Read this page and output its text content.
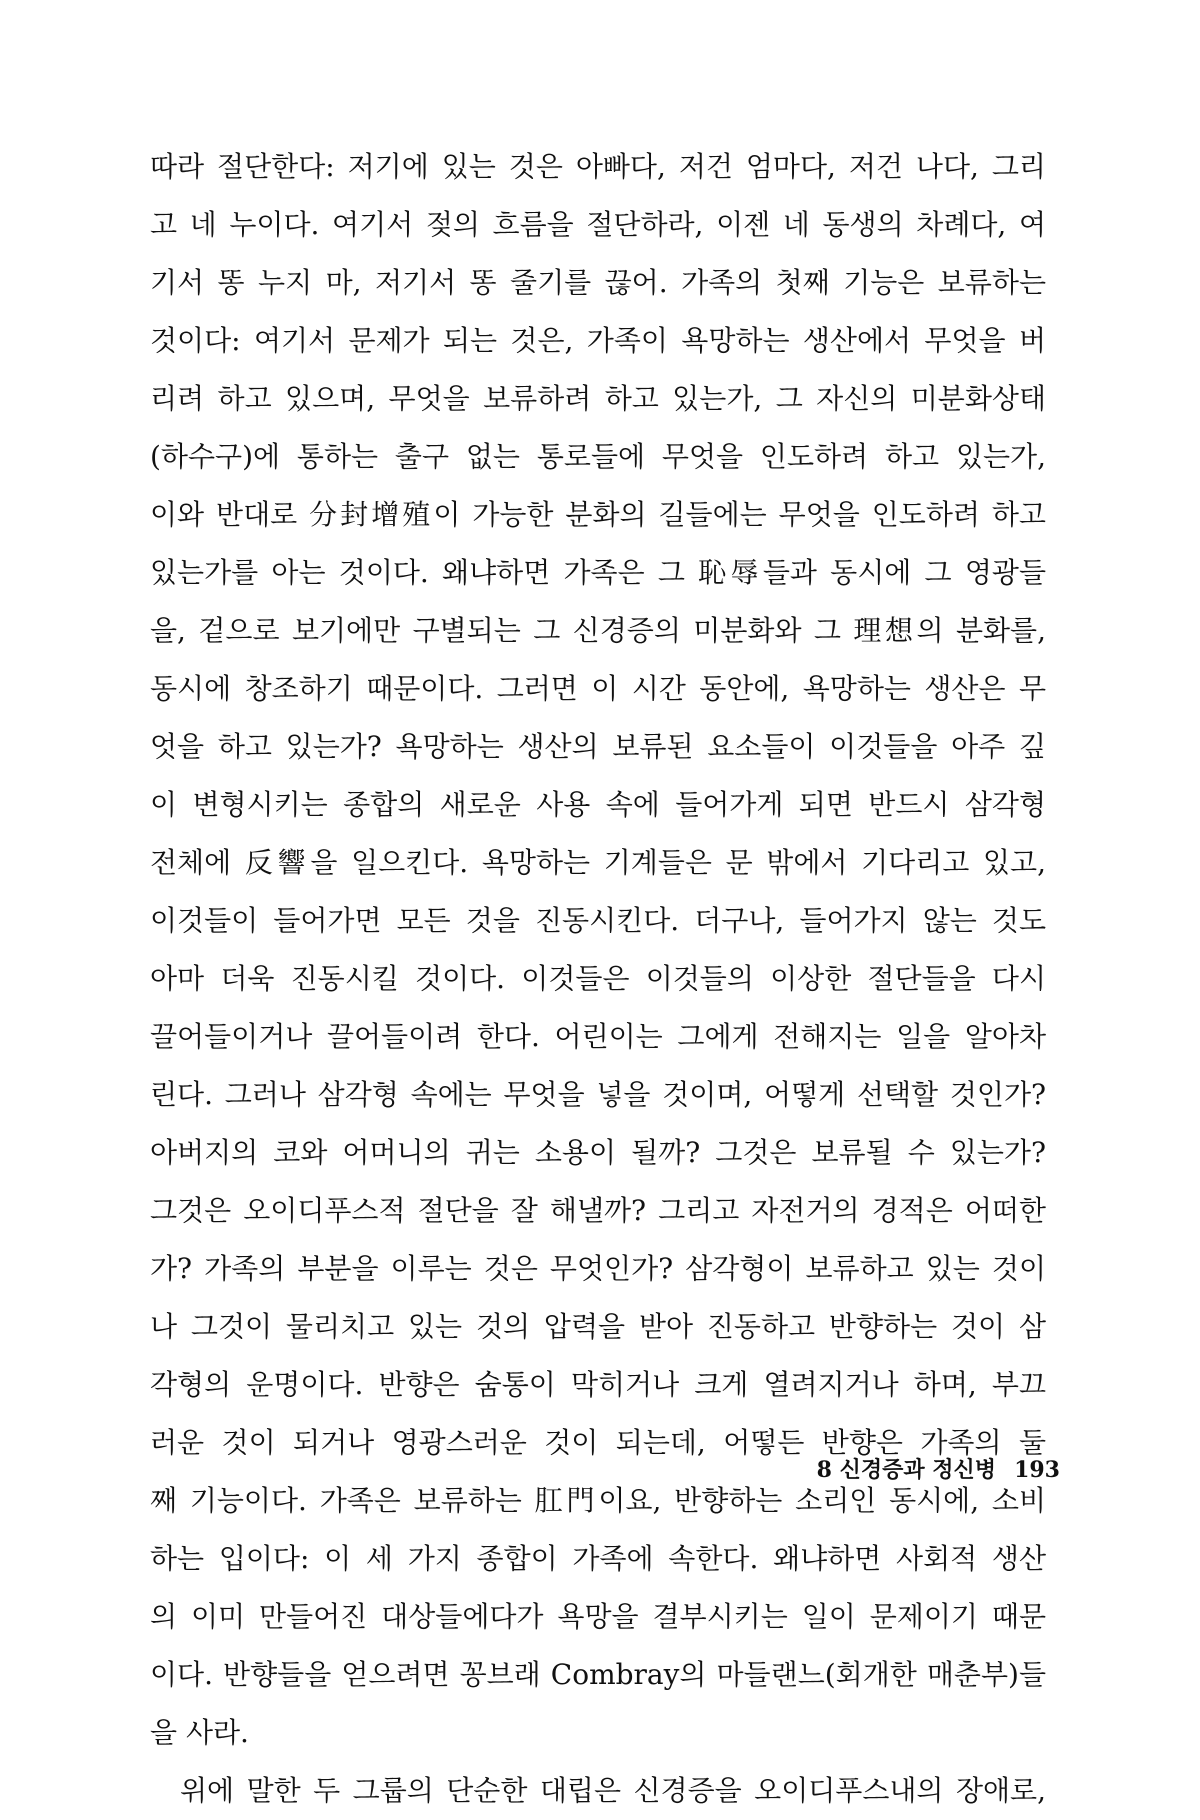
따라 절단한다: 저기에 있는 것은 아빠다, 저건 엄마다, 저건 나다, 그리
고 네 누이다. 여기서 젖의 흐름을 절단하라, 이젠 네 동생의 차례다, 여
기서 똥 누지 마, 저기서 똥 줄기를 끊어. 가족의 첫째 기능은 보류하는
것이다: 여기서 문제가 되는 것은, 가족이 욕망하는 생산에서 무엇을 버
리려 하고 있으며, 무엇을 보류하려 하고 있는가, 그 자신의 미분화상태
(하수구)에 통하는 출구 없는 통로들에 무엇을 인도하려 하고 있는가,
이와 반대로 分封增殖이 가능한 분화의 길들에는 무엇을 인도하려 하고
있는가를 아는 것이다. 왜냐하면 가족은 그 恥辱들과 동시에 그 영광들
을, 겉으로 보기에만 구별되는 그 신경증의 미분화와 그 理想의 분화를,
동시에 창조하기 때문이다. 그러면 이 시간 동안에, 욕망하는 생산은 무
엇을 하고 있는가? 욕망하는 생산의 보류된 요소들이 이것들을 아주 깊
이 변형시키는 종합의 새로운 사용 속에 들어가게 되면 반드시 삼각형
전체에 反響을 일으킨다. 욕망하는 기계들은 문 밖에서 기다리고 있고,
이것들이 들어가면 모든 것을 진동시킨다. 더구나, 들어가지 않는 것도
아마 더욱 진동시킬 것이다. 이것들은 이것들의 이상한 절단들을 다시
끌어들이거나 끌어들이려 한다. 어린이는 그에게 전해지는 일을 알아차
린다. 그러나 삼각형 속에는 무엇을 넣을 것이며, 어떻게 선택할 것인가?
아버지의 코와 어머니의 귀는 소용이 될까? 그것은 보류될 수 있는가?
그것은 오이디푸스적 절단을 잘 해낼까? 그리고 자전거의 경적은 어떠한
가? 가족의 부분을 이루는 것은 무엇인가? 삼각형이 보류하고 있는 것이
나 그것이 물리치고 있는 것의 압력을 받아 진동하고 반향하는 것이 삼
각형의 운명이다. 반향은 숨통이 막히거나 크게 열려지거나 하며, 부끄
러운 것이 되거나 영광스러운 것이 되는데, 어떻든 반향은 가족의 둘
째 기능이다. 가족은 보류하는 肛門이요, 반향하는 소리인 동시에, 소비
하는 입이다: 이 세 가지 종합이 가족에 속한다. 왜냐하면 사회적 생산
의 이미 만들어진 대상들에다가 욕망을 결부시키는 일이 문제이기 때문
이다. 반향들을 얻으려면 꽁브래 Combray의 마들랜느(회개한 매춘부)들
을 사라.
위에 말한 두 그룹의 단순한 대립은 신경증을 오이디푸스내의 장애로,
8 신경증과 정신병 193
